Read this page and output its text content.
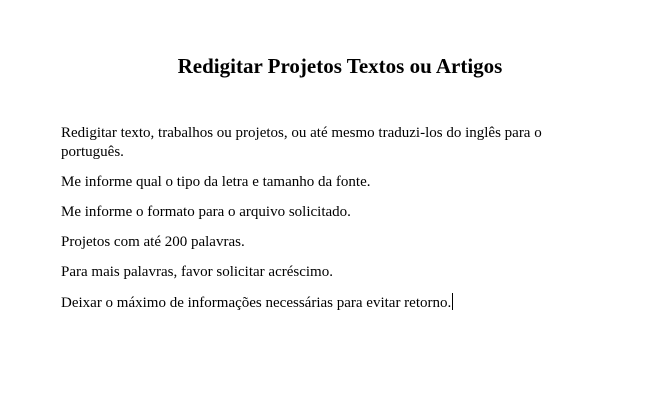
Redigitar Projetos Textos ou Artigos

Redigitar texto, trabalhos ou projetos, ou até mesmo traduzi-los do inglês para o português.

Me informe qual o tipo da letra e tamanho da fonte.

Me informe o formato para o arquivo solicitado.

Projetos com até 200 palavras.

Para mais palavras, favor solicitar acréscimo.

Deixar o máximo de informações necessárias para evitar retorno.
